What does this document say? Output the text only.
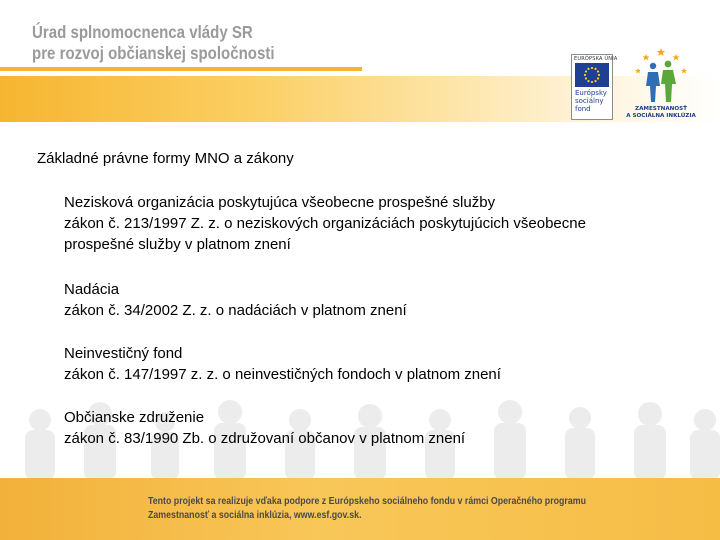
Úrad splnomocnenca vlády SR
pre rozvoj občianskej spoločnosti	EURÓPSKA ÚNIA
Európsky
sociálny
fond	ZAMESTNANOSŤ
A SOCIÁLNA INKLÚZIA
Základné právne formy MNO a zákony
Nezisková organizácia poskytujúca všeobecne prospešné služby
zákon č. 213/1997 Z. z. o neziskových organizáciách poskytujúcich všeobecne
prospešné služby v platnom znení
Nadácia
zákon č. 34/2002 Z. z. o nadáciách v platnom znení
Neinvestičný fond
zákon č. 147/1997 z. z. o neinvestičných fondoch v platnom znení
Občianske združenie
zákon č. 83/1990 Zb. o združovaní občanov v platnom znení
Tento projekt sa realizuje vďaka podpore z Európskeho sociálneho fondu v rámci Operačného programu
Zamestnanosť a sociálna inklúzia, www.esf.gov.sk.
